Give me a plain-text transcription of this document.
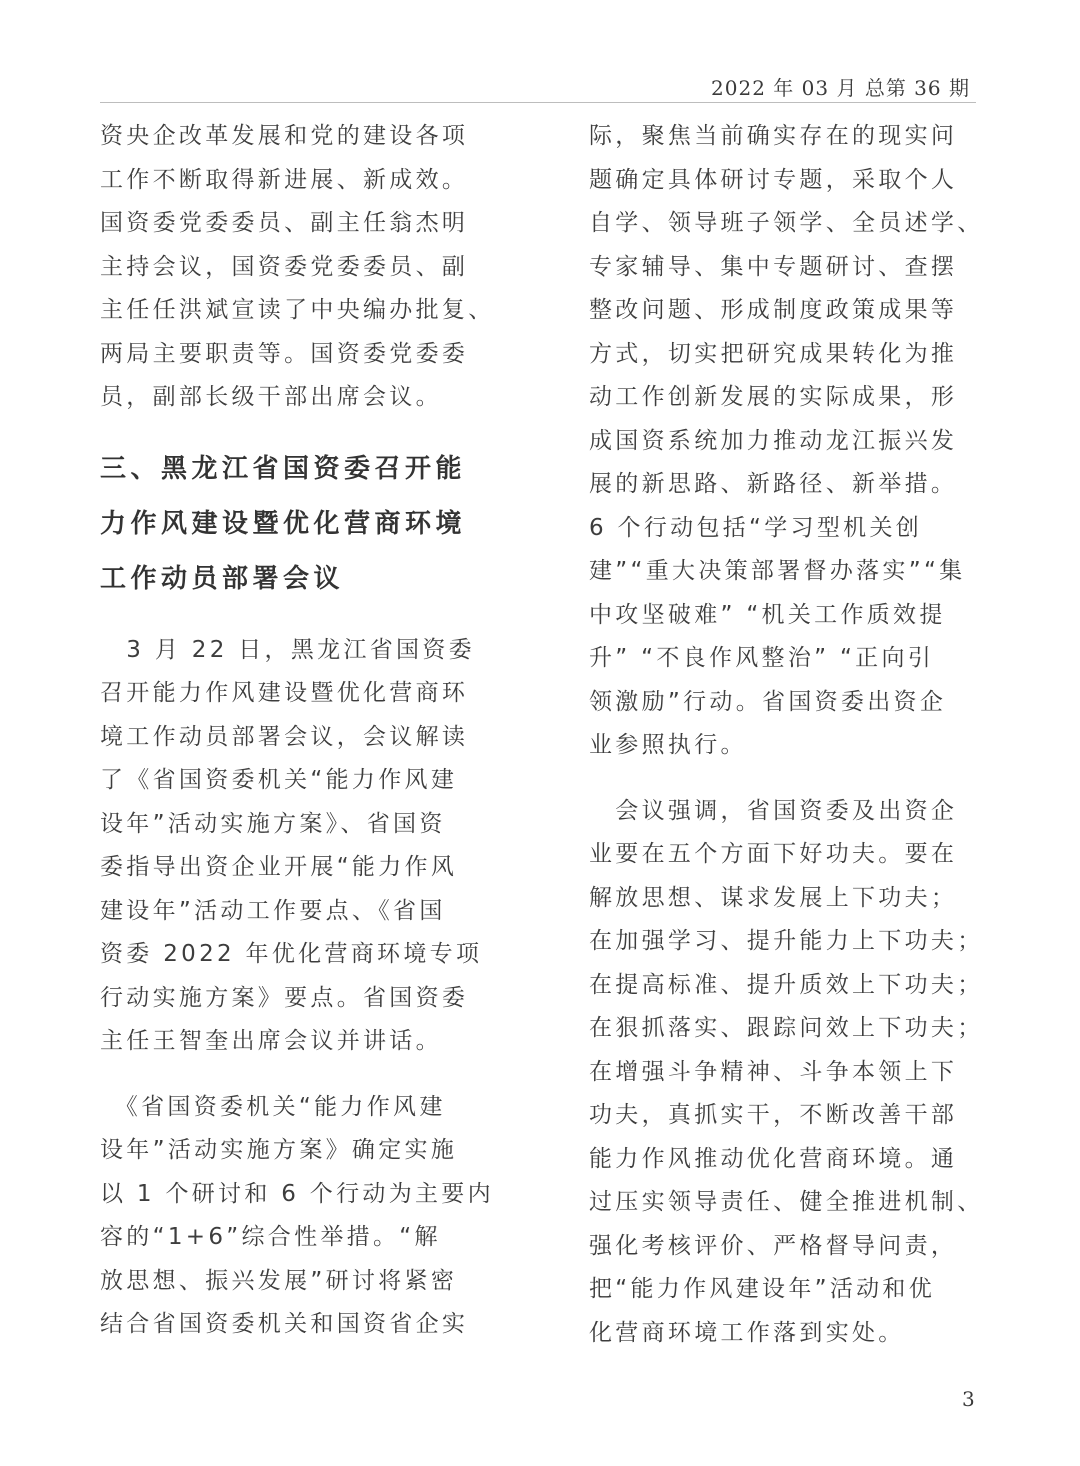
2022 年 03 月 总第 36 期
资央企改革发展和党的建设各项
工作不断取得新进展、新成效。
国资委党委委员、副主任翁杰明
主持会议，国资委党委委员、副
主任任洪斌宣读了中央编办批复、
两局主要职责等。国资委党委委
员，副部长级干部出席会议。
三、黑龙江省国资委召开能
力作风建设暨优化营商环境
工作动员部署会议
　3 月 22 日，黑龙江省国资委
召开能力作风建设暨优化营商环
境工作动员部署会议，会议解读
了《省国资委机关“能力作风建
设年”活动实施方案》、省国资
委指导出资企业开展“能力作风
建设年”活动工作要点、《省国
资委 2022 年优化营商环境专项
行动实施方案》要点。省国资委
主任王智奎出席会议并讲话。
　《省国资委机关“能力作风建
设年”活动实施方案》确定实施
以 1 个研讨和 6 个行动为主要内
容的“1+6”综合性举措。“解
放思想、振兴发展”研讨将紧密
结合省国资委机关和国资省企实
际，聚焦当前确实存在的现实问
题确定具体研讨专题，采取个人
自学、领导班子领学、全员述学、
专家辅导、集中专题研讨、查摆
整改问题、形成制度政策成果等
方式，切实把研究成果转化为推
动工作创新发展的实际成果，形
成国资系统加力推动龙江振兴发
展的新思路、新路径、新举措。
6 个行动包括“学习型机关创
建”“重大决策部署督办落实”“集
中攻坚破难” “机关工作质效提
升” “不良作风整治” “正向引
领激励”行动。省国资委出资企
业参照执行。
　会议强调，省国资委及出资企
业要在五个方面下好功夫。要在
解放思想、谋求发展上下功夫；
在加强学习、提升能力上下功夫；
在提高标准、提升质效上下功夫；
在狠抓落实、跟踪问效上下功夫；
在增强斗争精神、斗争本领上下
功夫，真抓实干，不断改善干部
能力作风推动优化营商环境。通
过压实领导责任、健全推进机制、
强化考核评价、严格督导问责，
把“能力作风建设年”活动和优
化营商环境工作落到实处。
3
